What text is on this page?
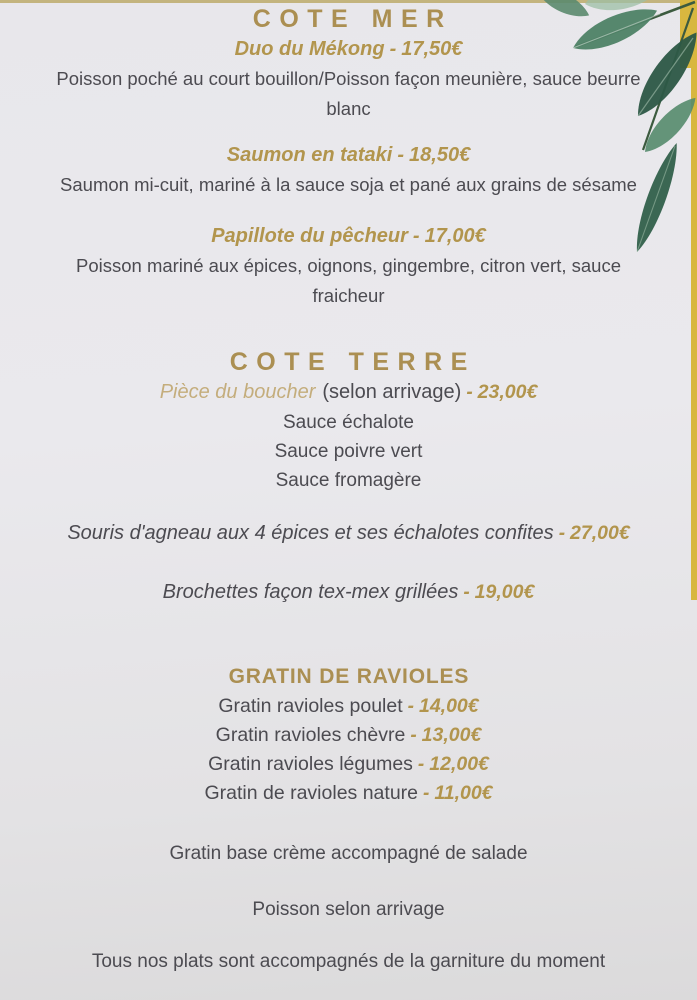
COTE MER
Duo du Mékong - 17,50€
Poisson poché au court bouillon/Poisson façon meunière, sauce beurre blanc
Saumon en tataki - 18,50€
Saumon mi-cuit, mariné à la sauce soja et pané aux grains de sésame
Papillote du pêcheur - 17,00€
Poisson mariné aux épices, oignons, gingembre, citron vert, sauce fraicheur
COTE TERRE
Pièce du boucher (selon arrivage) - 23,00€
Sauce échalote
Sauce poivre vert
Sauce fromagère
Souris d'agneau aux 4 épices et ses échalotes confites - 27,00€
Brochettes façon tex-mex grillées - 19,00€
GRATIN DE RAVIOLES
Gratin ravioles poulet - 14,00€
Gratin ravioles chèvre - 13,00€
Gratin ravioles légumes - 12,00€
Gratin de ravioles nature - 11,00€
Gratin base crème accompagné de salade
Poisson selon arrivage
Tous nos plats sont accompagnés de la garniture du moment
